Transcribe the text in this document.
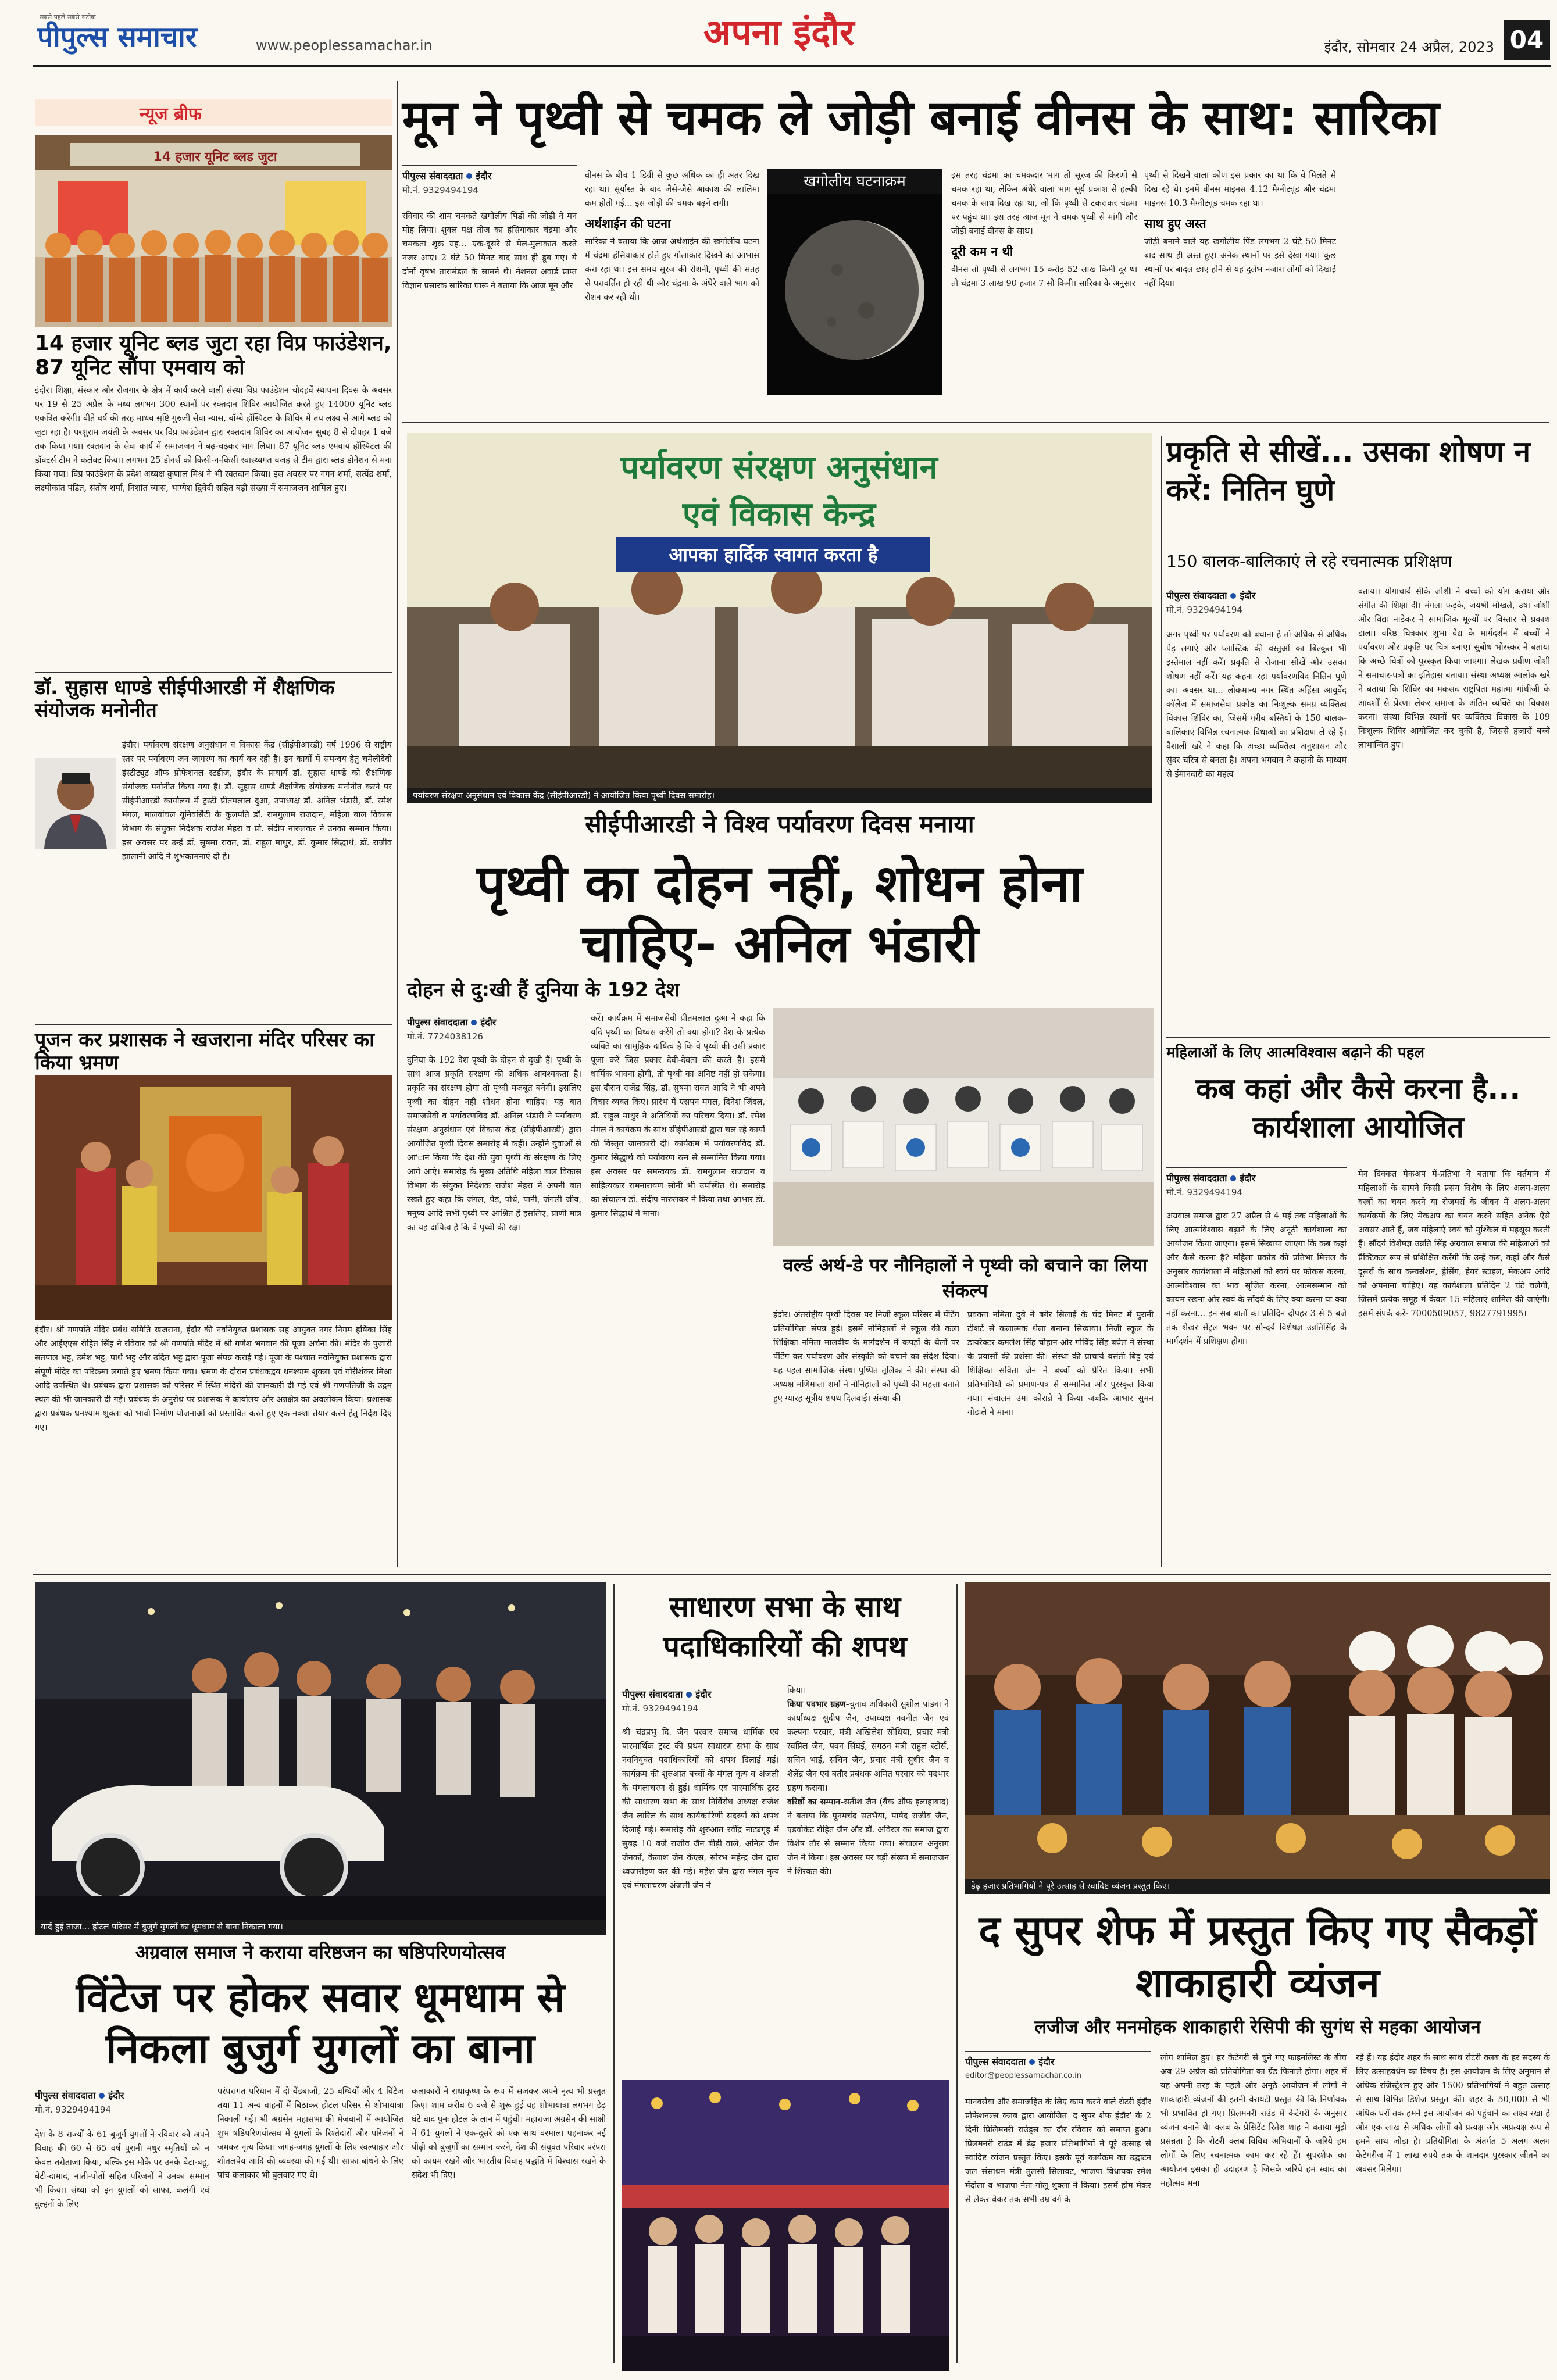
सबसे पहले सबसे सटीक
पीपुल्स समाचार	www.peoplessamachar.in	अपना इंदौर	इंदौर, सोमवार 24 अप्रैल, 2023 04
न्यूज ब्रीफ
14 हजार यूनिट ब्लड जुटा
14 हजार यूनिट ब्लड जुटा रहा विप्र फाउंडेशन, 87 यूनिट सौंपा एमवाय को
इंदौर। शिक्षा, संस्कार और रोजगार के क्षेत्र में कार्य करने वाली संस्था विप्र फाउंडेशन चौदहवें स्थापना दिवस के अवसर पर 19 से 25 अप्रैल के मध्य लगभग 300 स्थानों पर रक्तदान शिविर आयोजित करते हुए 14000 यूनिट ब्लड एकत्रित करेगी। बीते वर्ष की तरह माधव सृष्टि गुरुजी सेवा न्यास, बॉम्बे हॉस्पिटल के शिविर में तय लक्ष्य से आगे ब्लड को जुटा रहा है। परशुराम जयंती के अवसर पर विप्र फाउंडेशन द्वारा रक्तदान शिविर का आयोजन सुबह 8 से दोपहर 1 बजे तक किया गया। रक्तदान के सेवा कार्य में समाजजन ने बढ़-चढ़कर भाग लिया। 87 यूनिट ब्लड एमवाय हॉस्पिटल की डॉक्टर्स टीम ने कलेक्ट किया। लगभग 25 डोनर्स को किसी-न-किसी स्वास्थ्यगत वजह से टीम द्वारा ब्लड डोनेशन से मना किया गया। विप्र फाउंडेशन के प्रदेश अध्यक्ष कुणाल मिश्र ने भी रक्तदान किया। इस अवसर पर गगन शर्मा, सत्येंद्र शर्मा, लक्ष्मीकांत पंडित, संतोष शर्मा, निशांत व्यास, भाग्येश द्विवेदी सहित बड़ी संख्या में समाजजन शामिल हुए।
डॉ. सुहास धाण्डे सीईपीआरडी में शैक्षणिक संयोजक मनोनीत
इंदौर। पर्यावरण संरक्षण अनुसंधान व विकास केंद्र (सीईपीआरडी) वर्ष 1996 से राष्ट्रीय स्तर पर पर्यावरण जन जागरण का कार्य कर रही है। इन कार्यों में समन्वय हेतु चमेलीदेवी इंस्टीट्यूट ऑफ प्रोफेशनल स्टडीज, इंदौर के प्राचार्य डॉ. सुहास धाण्डे को शैक्षणिक संयोजक मनोनीत किया गया है। डॉ. सुहास धाण्डे शैक्षणिक संयोजक मनोनीत करने पर सीईपीआरडी कार्यालय में ट्रस्टी प्रीतमलाल दुआ, उपाध्यक्ष डॉ. अनिल भंडारी, डॉ. रमेश मंगल, मालवांचल यूनिवर्सिटी के कुलपति डॉ. रामगुलाम राजदान, महिला बाल विकास विभाग के संयुक्त निदेशक राजेश मेहरा व प्रो. संदीप नारुलकर ने उनका सम्मान किया। इस अवसर पर उन्हें डॉ. सुषमा रावत, डॉ. राहुल माथुर, डॉ. कुमार सिद्धार्थ, डॉ. राजीव झालानी आदि ने शुभकामनाएं दी है।
पूजन कर प्रशासक ने खजराना मंदिर परिसर का किया भ्रमण
इंदौर। श्री गणपति मंदिर प्रबंध समिति खजराना, इंदौर की नवनियुक्त प्रशासक सह आयुक्त नगर निगम हर्षिका सिंह और आईएएस रोहित सिंह ने रविवार को श्री गणपति मंदिर में श्री गणेश भगवान की पूजा अर्चना की। मंदिर के पुजारी सतपाल भट्ट, उमेश भट्ट, पार्थ भट्ट और उदित भट्ट द्वारा पूजा संपन्न कराई गई। पूजा के पश्चात नवनियुक्त प्रशासक द्वारा संपूर्ण मंदिर का परिक्रमा लगाते हुए भ्रमण किया गया। भ्रमण के दौरान प्रबंधकद्वय धनश्याम शुक्ला एवं गौरीशंकर मिश्रा आदि उपस्थित थे। प्रबंधक द्वारा प्रशासक को परिसर में स्थित मंदिरों की जानकारी दी गई एवं श्री गणपतिजी के उद्गम स्थल की भी जानकारी दी गई। प्रबंधक के अनुरोध पर प्रशासक ने कार्यालय और अन्नक्षेत्र का अवलोकन किया। प्रशासक द्वारा प्रबंधक धनश्याम शुक्ला को भावी निर्माण योजनाओं को प्रस्तावित करते हुए एक नक्शा तैयार करने हेतु निर्देश दिए गए।
मून ने पृथ्वी से चमक ले जोड़ी बनाई वीनस के साथ: सारिका
पीपुल्स संवाददाता इंदौर
मो.नं. 9329494194
रविवार की शाम चमकते खगोलीय पिंडों की जोड़ी ने मन मोह लिया। शुक्ल पक्ष तीज का हंसियाकार चंद्रमा और चमकता शुक्र ग्रह... एक-दूसरे से मेल-मुलाकात करते नजर आए। 2 घंटे 50 मिनट बाद साथ ही डूब गए। ये दोनों वृषभ तारामंडल के सामने थे। नेशनल अवार्ड प्राप्त विज्ञान प्रसारक सारिका घारू ने बताया कि आज मून और

वीनस के बीच 1 डिग्री से कुछ अधिक का ही अंतर दिख रहा था। सूर्यास्त के बाद जैसे-जैसे आकाश की लालिमा कम होती गई... इस जोड़ी की चमक बढ़ने लगी।

अर्थशाईन की घटना

सारिका ने बताया कि आज अर्थशाईन की खगोलीय घटना में चंद्रमा हंसियाकार होते हुए गोलाकार दिखने का आभास करा रहा था। इस समय सूरज की रोशनी, पृथ्वी की सतह से परावर्तित हो रही थी और चंद्रमा के अंधेरे वाले भाग को रोशन कर रही थी।

खगोलीय घटनाक्रम	इस तरह चंद्रमा का चमकदार भाग तो सूरज की किरणों से चमक रहा था, लेकिन अंधेरे वाला भाग सूर्य प्रकाश से हल्की चमक के साथ दिख रहा था, जो कि पृथ्वी से टकराकर चंद्रमा पर पहुंच था। इस तरह आज मून ने चमक पृथ्वी से मांगी और जोड़ी बनाई वीनस के साथ।

दूरी कम न थी

वीनस तो पृथ्वी से लगभग 15 करोड़ 52 लाख किमी दूर था तो चंद्रमा 3 लाख 90 हजार 7 सौ किमी। सारिका के अनुसार

पृथ्वी से दिखने वाला कोण इस प्रकार का था कि वे मिलते से दिख रहे थे। इनमें वीनस माइनस 4.12 मैग्नीट्यूड और चंद्रमा माइनस 10.3 मैग्नीट्यूड चमक रहा था।

साथ हुए अस्त

जोड़ी बनाने वाले यह खगोलीय पिंड लगभग 2 घंटे 50 मिनट बाद साथ ही अस्त हुए। अनेक स्थानों पर इसे देखा गया। कुछ स्थानों पर बादल छाए होने से यह दुर्लभ नजारा लोगों को दिखाई नहीं दिया।

पर्यावरण संरक्षण अनुसंधान
एवं विकास केन्द्र
आपका हार्दिक स्वागत करता है
पर्यावरण संरक्षण अनुसंधान एवं विकास केंद्र (सीईपीआरडी) ने आयोजित किया पृथ्वी दिवस समारोह।
सीईपीआरडी ने विश्व पर्यावरण दिवस मनाया
पृथ्वी का दोहन नहीं, शोधन होना चाहिए- अनिल भंडारी
दोहन से दु:खी हैं दुनिया के 192 देश
पीपुल्स संवाददाता इंदौर
मो.नं. 7724038126
दुनिया के 192 देश पृथ्वी के दोहन से दुखी हैं। पृथ्वी के साथ आज प्रकृति संरक्षण की अधिक आवश्यकता है। प्रकृति का संरक्षण होगा तो पृथ्वी मजबूत बनेगी। इसलिए पृथ्वी का दोहन नहीं शोधन होना चाहिए। यह बात समाजसेवी व पर्यावरणविद डॉ. अनिल भंडारी ने पर्यावरण संरक्षण अनुसंधान एवं विकास केंद्र (सीईपीआरडी) द्वारा आयोजित पृथ्वी दिवस समारोह में कही। उन्होंने युवाओं से आ'ान किया कि देश की युवा पृथ्वी के संरक्षण के लिए आगे आएं। समारोह के मुख्य अतिथि महिला बाल विकास विभाग के संयुक्त निदेशक राजेश मेहरा ने अपनी बात रखते हुए कहा कि जंगल, पेड़, पौधे, पानी, जंगली जीव, मनुष्य आदि सभी पृथ्वी पर आश्रित हैं इसलिए, प्राणी मात्र का यह दायित्व है कि वे पृथ्वी की रक्षा
करें। कार्यक्रम में समाजसेवी प्रीतमलाल दुआ ने कहा कि यदि पृथ्वी का विध्वंस करेंगे तो क्या होगा? देश के प्रत्येक व्यक्ति का सामूहिक दायित्व है कि वे पृथ्वी की उसी प्रकार पूजा करें जिस प्रकार देवी-देवता की करते हैं। इसमें धार्मिक भावना होगी, तो पृथ्वी का अनिष्ट नहीं हो सकेगा। इस दौरान राजेंद्र सिंह, डॉ. सुषमा रावत आदि ने भी अपने विचार व्यक्त किए। प्रारंभ में एसपन मंगल, दिनेश जिंदल, डॉ. राहुल माथुर ने अतिथियों का परिचय दिया। डॉ. रमेश मंगल ने कार्यक्रम के साथ सीईपीआरडी द्वारा चल रहे कार्यों की विस्तृत जानकारी दी। कार्यक्रम में पर्यावरणविद डॉ. कुमार सिद्धार्थ को पर्यावरण रत्न से सम्मानित किया गया। इस अवसर पर समन्वयक डॉ. रामगुलाम राजदान व साहित्यकार रामनारायण सोनी भी उपस्थित थे। समारोह का संचालन डॉ. संदीप नारुलकर ने किया तथा आभार डॉ. कुमार सिद्धार्थ ने माना।
वर्ल्ड अर्थ-डे पर नौनिहालों ने पृथ्वी को बचाने का लिया संकल्प
इंदौर। अंतर्राष्ट्रीय पृथ्वी दिवस पर निजी स्कूल परिसर में पेंटिंग प्रतियोगिता संपन्न हुई। इसमें नौनिहालों ने स्कूल की कला शिक्षिका नमिता मालवीय के मार्गदर्शन में कपड़ों के थैलों पर पेंटिंग कर पर्यावरण और संस्कृति को बचाने का संदेश दिया। यह पहल सामाजिक संस्था पुष्पित तूलिका ने की। संस्था की अध्यक्ष मणिमाला शर्मा ने नौनिहालों को पृथ्वी की महत्ता बताते हुए ग्यारह सूत्रीय शपथ दिलवाई। संस्था की
प्रवक्ता नमिता दुबे ने बगैर सिलाई के चंद मिनट में पुरानी टीशर्ट से कलात्मक थैला बनाना सिखाया। निजी स्कूल के डायरेक्टर कमलेश सिंह चौहान और गोविंद सिंह बघेल ने संस्था के प्रयासों की प्रशंसा की। संस्था की प्राचार्य बसंती बिट्ट एवं शिक्षिका सविता जैन ने बच्चों को प्रेरित किया। सभी प्रतिभागियों को प्रमाण-पत्र से सम्मानित और पुरस्कृत किया गया। संचालन उमा कोरान्ने ने किया जबकि आभार सुमन गोडाले ने माना।
प्रकृति से सीखें... उसका शोषण न करें: नितिन घुणे
150 बालक-बालिकाएं ले रहे रचनात्मक प्रशिक्षण
पीपुल्स संवाददाता इंदौर
मो.नं. 9329494194
अगर पृथ्वी पर पर्यावरण को बचाना है तो अधिक से अधिक पेड़ लगाएं और प्लास्टिक की वस्तुओं का बिल्कुल भी इस्तेमाल नहीं करें। प्रकृति से रोजाना सीखें और उसका शोषण नहीं करें। यह कहना रहा पर्यावरणविद नितिन घुणे का। अवसर था... लोकमान्य नगर स्थित अहिंसा आयुर्वेद कॉलेज में समाजसेवा प्रकोष्ठ का निःशुल्क समग्र व्यक्तित्व विकास शिविर का, जिसमें गरीब बस्तियों के 150 बालक-बालिकाएं विभिन्न रचनात्मक विधाओं का प्रशिक्षण ले रहे हैं। वैशाली खरे ने कहा कि अच्छा व्यक्तित्व अनुशासन और सुंदर चरित्र से बनता है। अपना भगवान ने कहानी के माध्यम से ईमानदारी का महत्व
बताया। योगाचार्य सीके जोशी ने बच्चों को योग कराया और संगीत की शिक्षा दी। मंगला फड़के, जयश्री मोखले, उषा जोशी और विद्या नाडेकर ने सामाजिक मूल्यों पर विस्तार से प्रकाश डाला। वरिष्ठ चित्रकार शुभा वैद्य के मार्गदर्शन में बच्चों ने पर्यावरण और प्रकृति पर चित्र बनाए। सुबोध भोरस्कर ने बताया कि अच्छे चित्रों को पुरस्कृत किया जाएगा। लेखक प्रवीण जोशी ने समाचार-पत्रों का इतिहास बताया। संस्था अध्यक्ष आलोक खरे ने बताया कि शिविर का मकसद राष्ट्रपिता महात्मा गांधीजी के आदर्शों से प्रेरणा लेकर समाज के अंतिम व्यक्ति का विकास करना। संस्था विभिन्न स्थानों पर व्यक्तित्व विकास के 109 निःशुल्क शिविर आयोजित कर चुकी है, जिससे हजारों बच्चे लाभान्वित हुए।
महिलाओं के लिए आत्मविश्वास बढ़ाने की पहल
कब कहां और कैसे करना है... कार्यशाला आयोजित
पीपुल्स संवाददाता इंदौर
मो.नं. 9329494194
अग्रवाल समाज द्वारा 27 अप्रैल से 4 मई तक महिलाओं के लिए आत्मविश्वास बढ़ाने के लिए अनूठी कार्यशाला का आयोजन किया जाएगा। इसमें सिखाया जाएगा कि कब कहां और कैसे करना है? महिला प्रकोष्ठ की प्रतिभा मित्तल के अनुसार कार्यशाला में महिलाओं को स्वयं पर फोकस करना, आत्मविश्वास का भाव सृजित करना, आत्मसम्मान को कायम रखना और स्वयं के सौंदर्य के लिए क्या करना या क्या नहीं करना... इन सब बातों का प्रतिदिन दोपहर 3 से 5 बजे तक शेखर सेंट्रल भवन पर सौन्दर्य विशेषज्ञ उन्नतिसिंह के मार्गदर्शन में प्रशिक्षण होगा।
मेन दिक्कत मेकअप में-प्रतिभा ने बताया कि वर्तमान में महिलाओं के सामने किसी प्रसंग विशेष के लिए अलग-अलग वस्त्रों का चयन करने या रोजमर्रा के जीवन में अलग-अलग कार्यक्रमों के लिए मेकअप का चयन करने सहित अनेक ऐसे अवसर आते हैं, जब महिलाएं स्वयं को मुश्किल में महसूस करती हैं। सौंदर्य विशेषज्ञ उन्नति सिंह अग्रवाल समाज की महिलाओं को प्रैक्टिकल रूप से प्रशिक्षित करेंगी कि उन्हें कब, कहां और कैसे दूसरों के साथ कन्वर्सेशन, ड्रेसिंग, हेयर स्टाइल, मेकअप आदि को अपनाना चाहिए। यह कार्यशाला प्रतिदिन 2 घंटे चलेगी, जिसमें प्रत्येक समूह में केवल 15 महिलाएं शामिल की जाएंगी। इसमें संपर्क करें- 7000509057, 9827791995।
यादें हुई ताजा... होटल परिसर में बुजुर्ग युगलों का धूमधाम से बाना निकाला गया।
अग्रवाल समाज ने कराया वरिष्ठजन का षष्ठिपरिणयोत्सव
विंटेज पर होकर सवार धूमधाम से निकला बुजुर्ग युगलों का बाना
पीपुल्स संवाददाता इंदौर
मो.नं. 9329494194
देश के 8 राज्यों के 61 बुजुर्ग युगलों ने रविवार को अपने विवाह की 60 से 65 वर्ष पुरानी मधुर स्मृतियों को न केवल तरोताजा किया, बल्कि इस मौके पर उनके बेटा-बहू, बेटी-दामाद, नाती-पोतों सहित परिजनों ने उनका सम्मान भी किया। संध्या को इन युगलों को साफा, कलंगी एवं दुल्हनों के लिए
परंपरागत परिधान में दो बैंडबाजों, 25 बग्घियों और 4 विंटेज तथा 11 अन्य वाहनों में बिठाकर होटल परिसर से शोभायात्रा निकाली गई। श्री अग्रसेन महासभा की मेजबानी में आयोजित शुभ षष्ठिपरिणयोत्सव में युगलों के रिश्तेदारों और परिजनों ने जमकर नृत्य किया। जगह-जगह युगलों के लिए स्वल्पाहार और शीतलपेय आदि की व्यवस्था की गई थी। साफा बांधने के लिए पांच कलाकार भी बुलवाए गए थे।
कलाकारों ने राधाकृष्ण के रूप में सजकर अपने नृत्य भी प्रस्तुत किए। शाम करीब 6 बजे से शुरू हुई यह शोभायात्रा लगभग डेढ़ घंटे बाद पुनः होटल के लान में पहुंची। महाराजा अग्रसेन की साक्षी में 61 युगलों ने एक-दूसरे को एक साथ वरमाला पहनाकर नई पीढ़ी को बुजुर्गों का सम्मान करने, देश की संयुक्त परिवार परंपरा को कायम रखने और भारतीय विवाह पद्धति में विश्वास रखने के संदेश भी दिए।
साधारण सभा के साथ पदाधिकारियों की शपथ
पीपुल्स संवाददाता इंदौर
मो.नं. 9329494194
श्री चंद्रप्रभु दि. जैन परवार समाज धार्मिक एवं पारमार्थिक ट्रस्ट की प्रथम साधारण सभा के साथ नवनियुक्त पदाधिकारियों को शपथ दिलाई गई। कार्यक्रम की शुरुआत बच्चों के मंगल नृत्य व अंजली के मंगलाचरण से हुई। धार्मिक एवं पारमार्थिक ट्रस्ट की साधारण सभा के साथ निर्विरोध अध्यक्ष राजेश जैन लारिल के साथ कार्यकारिणी सदस्यों को शपथ दिलाई गई। समारोह की शुरुआत रवींद्र नाट्यगृह में सुबह 10 बजे राजीव जैन बीड़ी वाले, अनिल जैन जैनकों, कैलाश जैन केएस, सौरभ महेन्द्र जैन द्वारा ध्वजारोहण कर की गई। महेश जैन द्वारा मंगल नृत्य एवं मंगलाचरण अंजली जैन ने
किया।
किया पदभार ग्रहण-चुनाव अधिकारी सुशील पांड्या ने कार्याध्यक्ष सुदीप जैन, उपाध्यक्ष नवनीत जैन एवं कल्पना परवार, मंत्री अखिलेश सोधिया, प्रचार मंत्री स्वप्निल जैन, पवन सिंघई, संगठन मंत्री राहुल स्टोर्स, सचिन भाई, सचिन जैन, प्रचार मंत्री सुधीर जैन व शैलेंद्र जैन एवं बतौर प्रबंधक अमित परवार को पदभार ग्रहण कराया।
वरिष्ठों का सम्मान-सतीश जैन (बैंक ऑफ इलाहाबाद) ने बताया कि पूनमचंद सतभैया, पार्षद राजीव जैन, एडवोकेट रोहित जैन और डॉ. अविरल का समाज द्वारा विशेष तौर से सम्मान किया गया। संचालन अनुराग जैन ने किया। इस अवसर पर बड़ी संख्या में समाजजन ने शिरकत की।
डेढ़ हजार प्रतिभागियों ने पूरे उत्साह से स्वादिष्ट व्यंजन प्रस्तुत किए।
द सुपर शेफ में प्रस्तुत किए गए सैकड़ों शाकाहारी व्यंजन
लजीज और मनमोहक शाकाहारी रेसिपी की सुगंध से महका आयोजन
पीपुल्स संवाददाता इंदौर
editor@peoplessamachar.co.in
मानवसेवा और समाजहित के लिए काम करने वाले रोटरी इंदौर प्रोफेशनल्स क्लब द्वारा आयोजित 'द सुपर शेफ इंदौर' के 2 दिनी प्रिलिमनरी राउंड्स का दौर रविवार को समाप्त हुआ। प्रिलमनरी राउंड में डेढ़ हजार प्रतिभागियों ने पूरे उत्साह से स्वादिष्ट व्यंजन प्रस्तुत किए। इसके पूर्व कार्यक्रम का उद्घाटन जल संसाधन मंत्री तुलसी सिलावट, भाजपा विधायक रमेश मेंदोला व भाजपा नेता गोलू शुक्ला ने किया। इसमें होम मेकर से लेकर बेकर तक सभी उम्र वर्ग के
लोग शामिल हुए। हर कैटेगरी से चुने गए फाइनलिस्ट के बीच अब 29 अप्रैल को प्रतियोगिता का ग्रैंड फिनाले होगा। शहर में यह अपनी तरह के पहले और अनूठे आयोजन में लोगों ने शाकाहारी व्यंजनों की इतनी वेरायटी प्रस्तुत की कि निर्णायक भी प्रभावित हो गए। प्रिलमनरी राउंड में कैटेगरी के अनुसार व्यंजन बनाने थे। क्लब के प्रेसिडेंट रितेश शाह ने बताया मुझे प्रसन्नता है कि रोटरी क्लब विविध अभियानों के जरिये हम लोगों के लिए रचनात्मक काम कर रहे हैं। सुपरशेफ का आयोजन इसका ही उदाहरण है जिसके जरिये हम स्वाद का महोत्सव मना
रहे हैं। यह इंदौर शहर के साथ साथ रोटरी क्लब के हर सदस्य के लिए उत्साहवर्धन का विषय है। इस आयोजन के लिए अनुमान से अधिक रजिस्ट्रेशन हुए और 1500 प्रतिभागियों ने बहुत उत्साह से साथ विभिन्न डिशेज प्रस्तुत कीं। शहर के 50,000 से भी अधिक घरों तक हमने इस आयोजन को पहुंचाने का लक्ष्य रखा है और एक लाख से अधिक लोगों को प्रत्यक्ष और अप्रत्यक्ष रूप से हमने साथ जोड़ा है। प्रतियोगिता के अंतर्गत 5 अलग अलग कैटेगरीज में 1 लाख रुपये तक के शानदार पुरस्कार जीतने का अवसर मिलेगा।
